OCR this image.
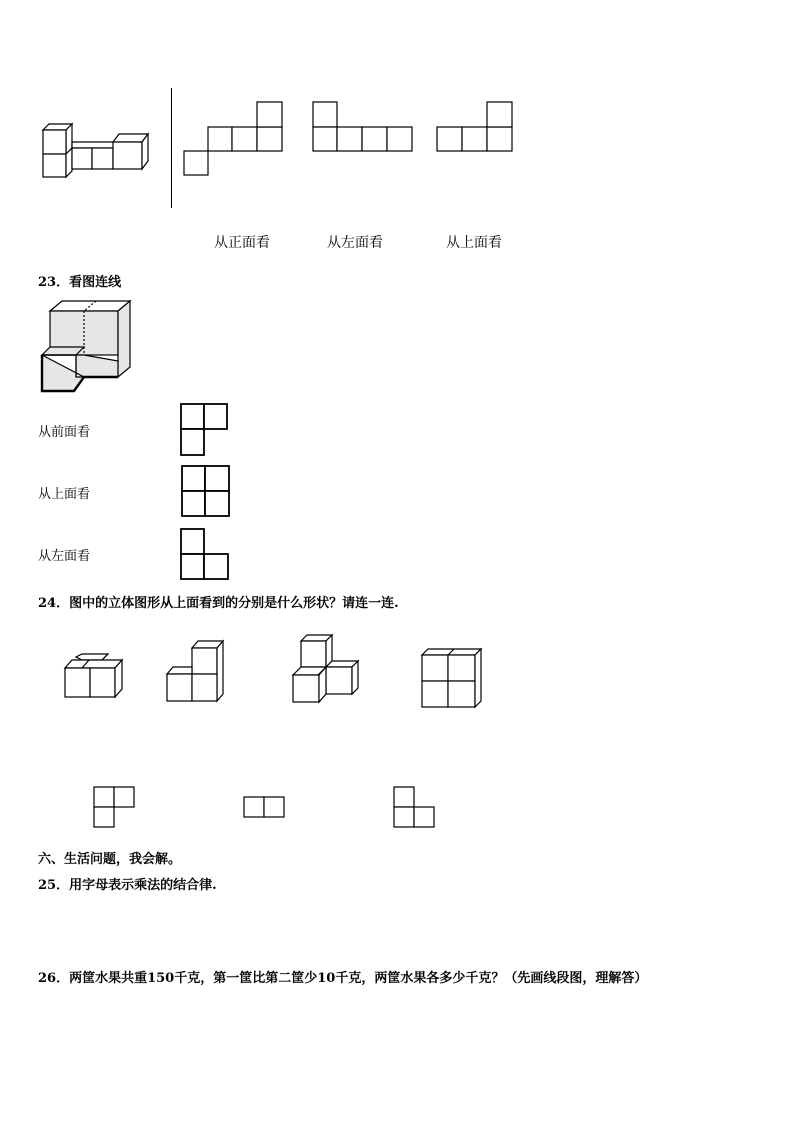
从正面看	从左面看	从上面看
23．看图连线
从前面看
从上面看
从左面看
24．图中的立体图形从上面看到的分别是什么形状？请连一连.
六、生活问题，我会解。
25．用字母表示乘法的结合律.
26．两筐水果共重150千克，第一筐比第二筐少10千克，两筐水果各多少千克？（先画线段图，理解答）
